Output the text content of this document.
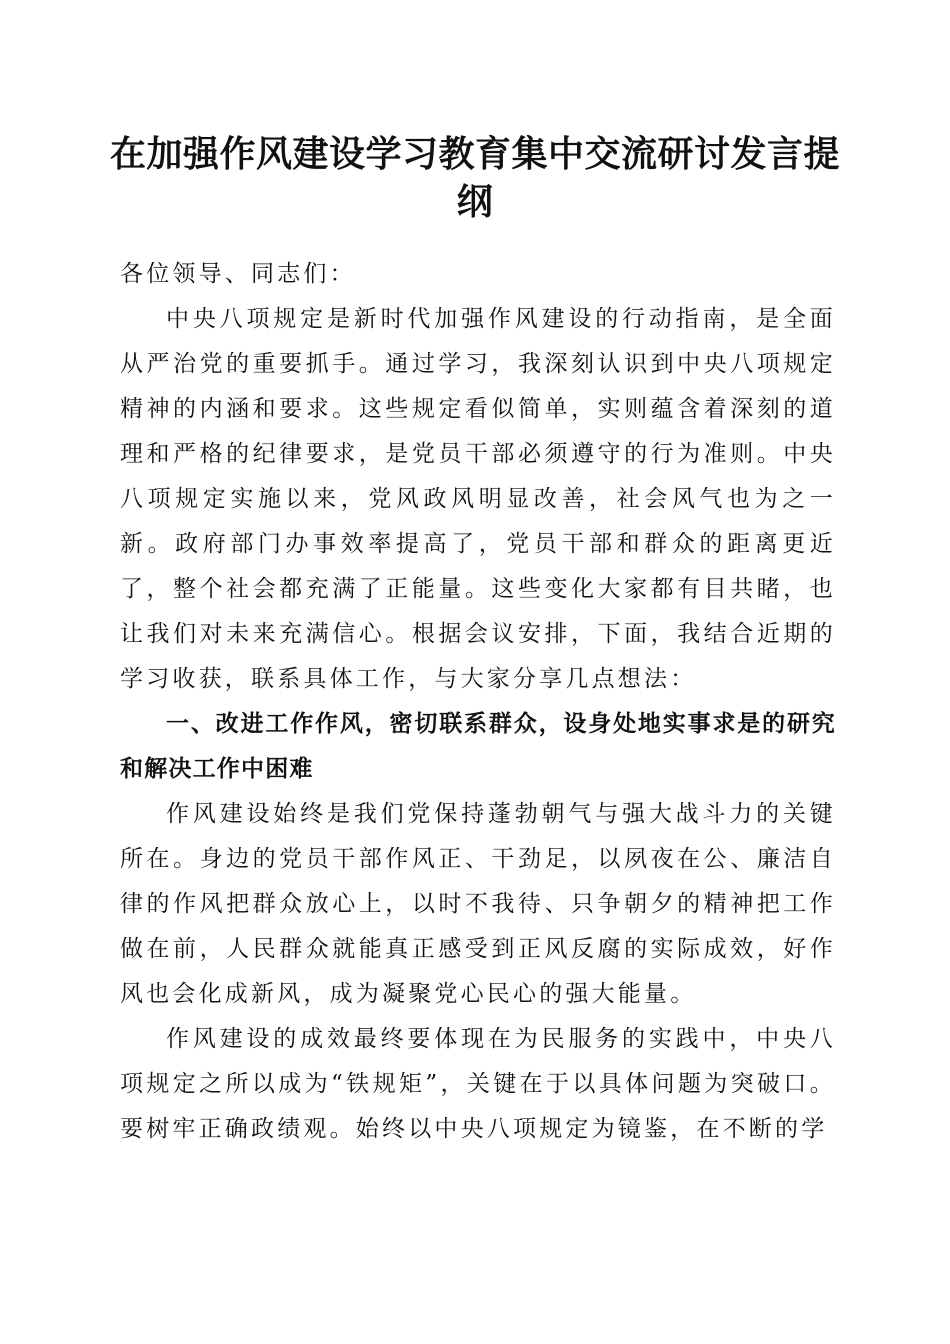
在加强作风建设学习教育集中交流研讨发言提纲

各位领导、同志们：

中央八项规定是新时代加强作风建设的行动指南，是全面从严治党的重要抓手。通过学习，我深刻认识到中央八项规定精神的内涵和要求。这些规定看似简单，实则蕴含着深刻的道理和严格的纪律要求，是党员干部必须遵守的行为准则。中央八项规定实施以来，党风政风明显改善，社会风气也为之一新。政府部门办事效率提高了，党员干部和群众的距离更近了，整个社会都充满了正能量。这些变化大家都有目共睹，也让我们对未来充满信心。根据会议安排，下面，我结合近期的学习收获，联系具体工作，与大家分享几点想法：

一、改进工作作风，密切联系群众，设身处地实事求是的研究和解决工作中困难

作风建设始终是我们党保持蓬勃朝气与强大战斗力的关键所在。身边的党员干部作风正、干劲足，以夙夜在公、廉洁自律的作风把群众放心上，以时不我待、只争朝夕的精神把工作做在前，人民群众就能真正感受到正风反腐的实际成效，好作风也会化成新风，成为凝聚党心民心的强大能量。

作风建设的成效最终要体现在为民服务的实践中，中央八项规定之所以成为“铁规矩”，关键在于以具体问题为突破口。要树牢正确政绩观。始终以中央八项规定为镜鉴，在不断的学
